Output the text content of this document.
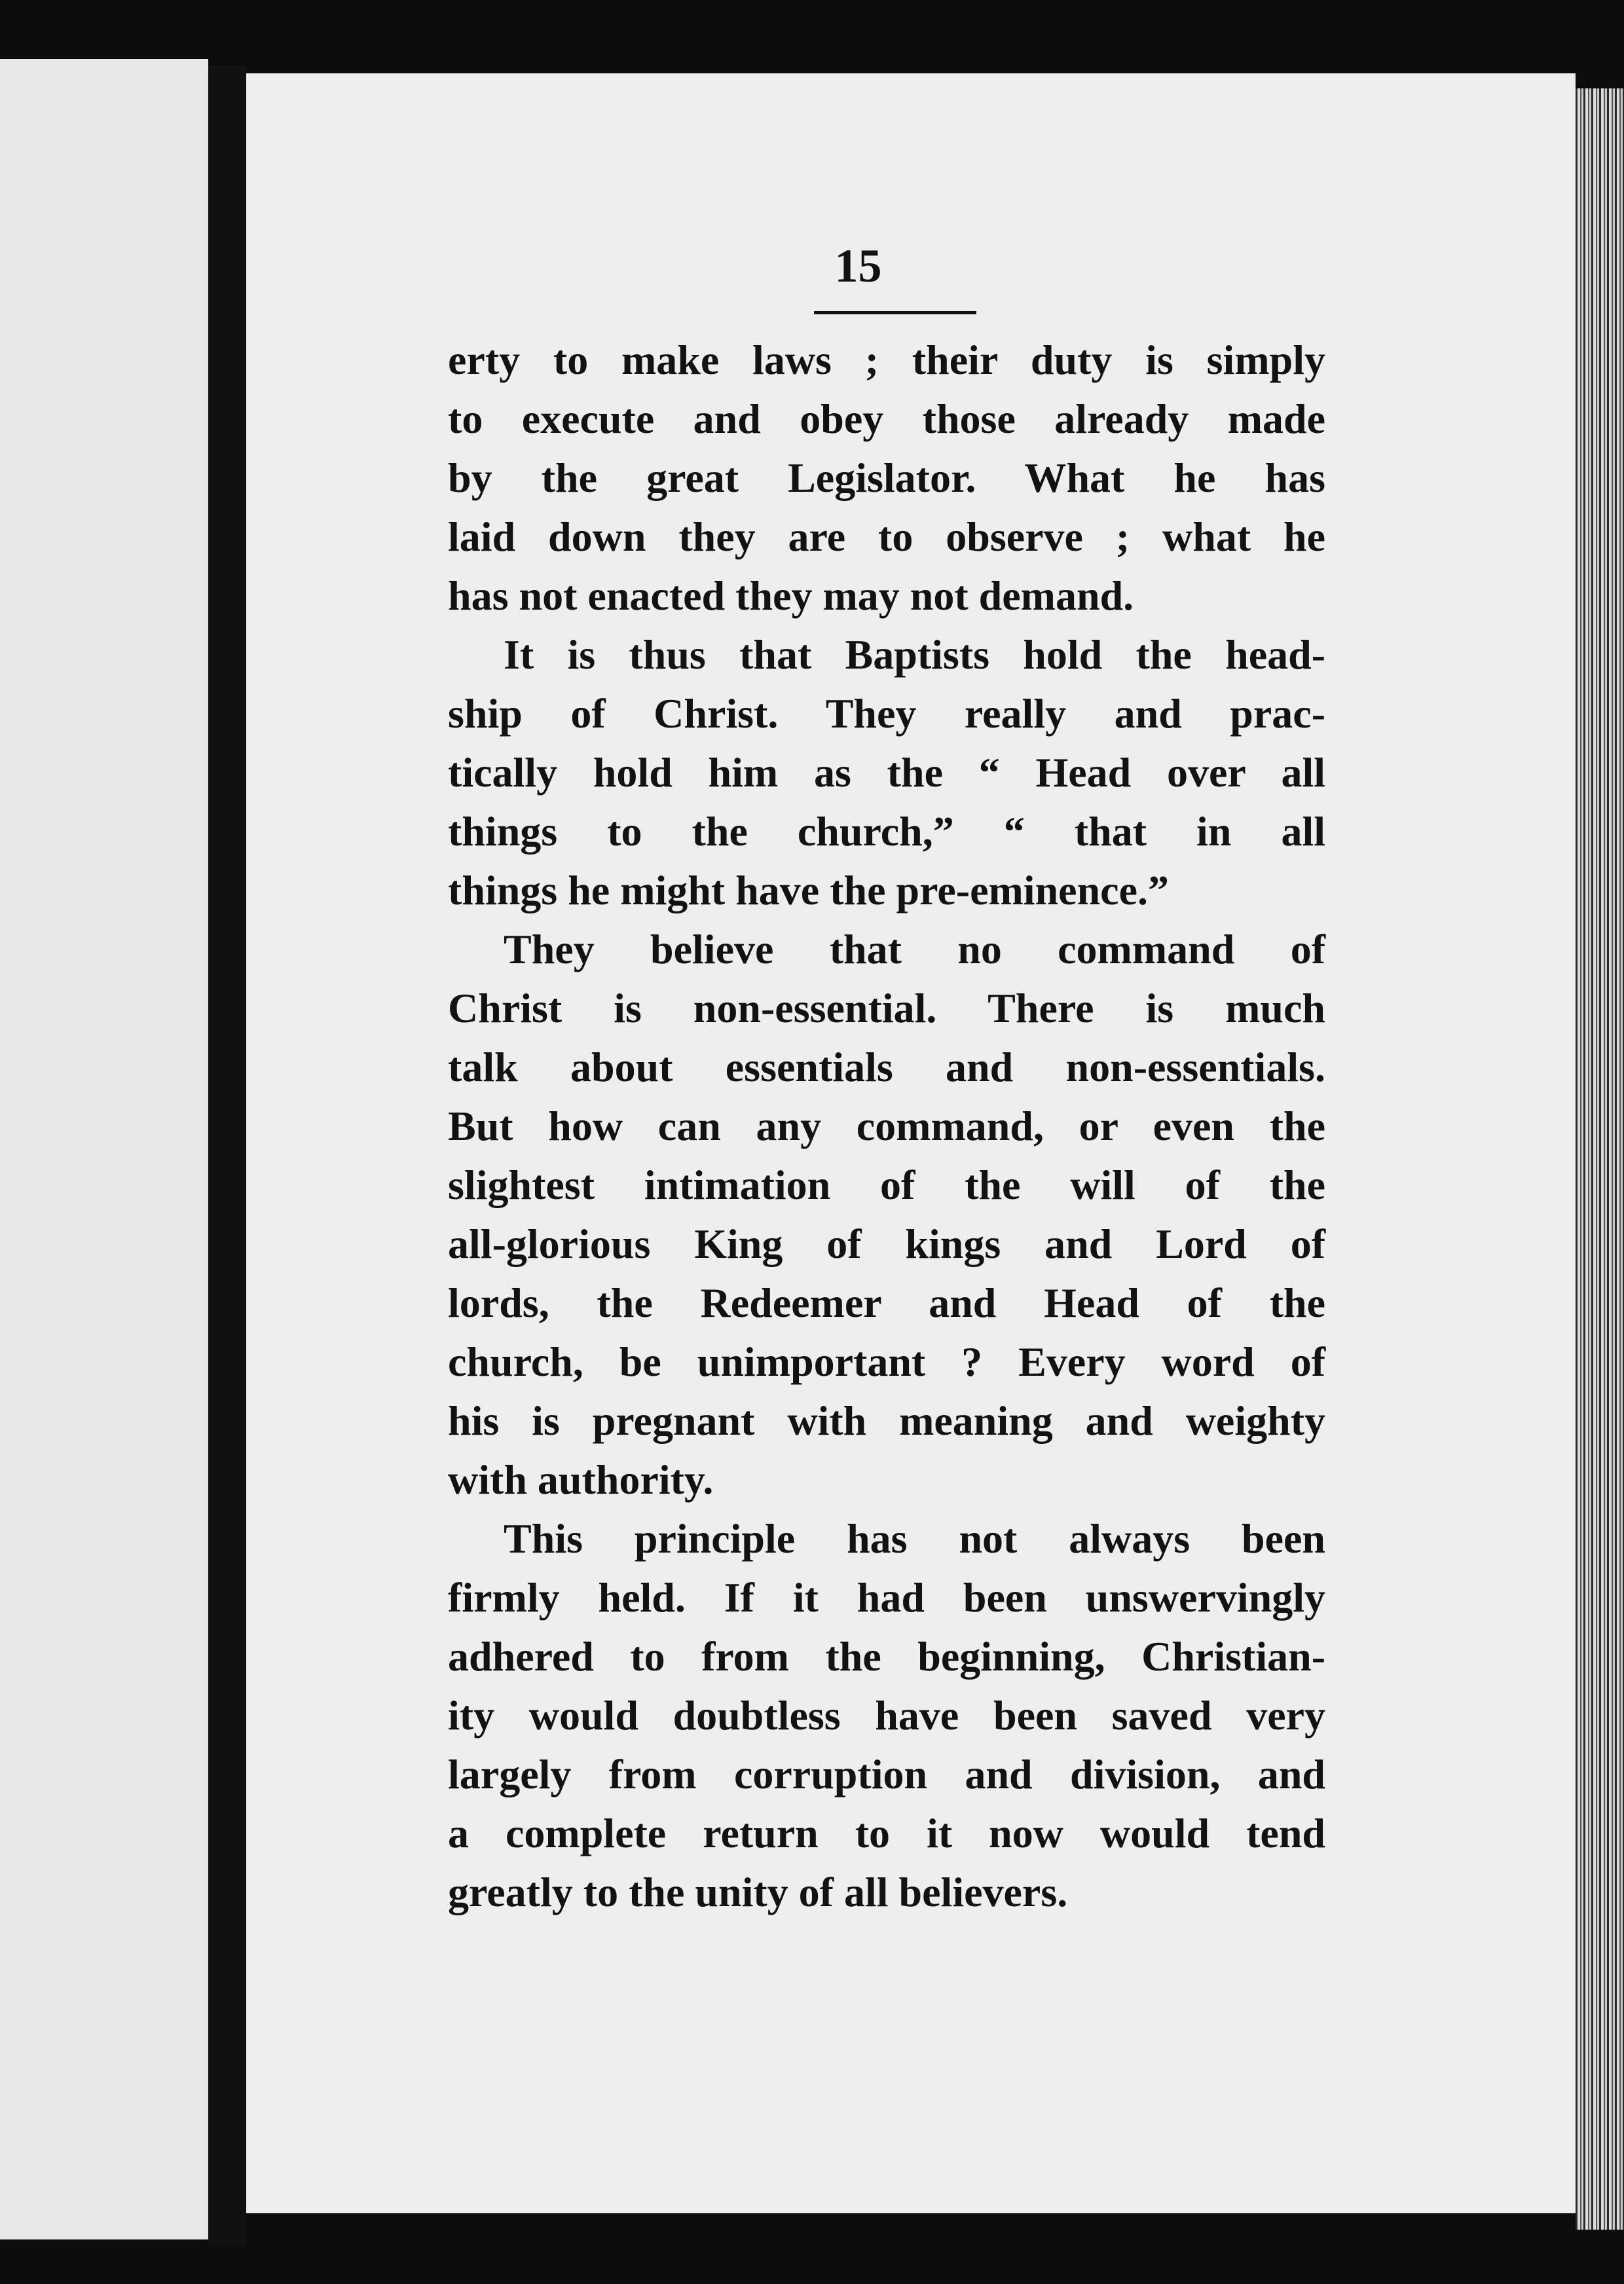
15
erty to make laws ; their duty is simply
to execute and obey those already made
by the great Legislator. What he has
laid down they are to observe ; what he
has not enacted they may not demand.
It is thus that Baptists hold the head-
ship of Christ. They really and prac-
tically hold him as the “ Head over all
things to the church,” “ that in all
things he might have the pre-eminence.”
They believe that no command of
Christ is non-essential. There is much
talk about essentials and non-essentials.
But how can any command, or even the
slightest intimation of the will of the
all-glorious King of kings and Lord of
lords, the Redeemer and Head of the
church, be unimportant ? Every word of
his is pregnant with meaning and weighty
with authority.
This principle has not always been
firmly held. If it had been unswervingly
adhered to from the beginning, Christian-
ity would doubtless have been saved very
largely from corruption and division, and
a complete return to it now would tend
greatly to the unity of all believers.
